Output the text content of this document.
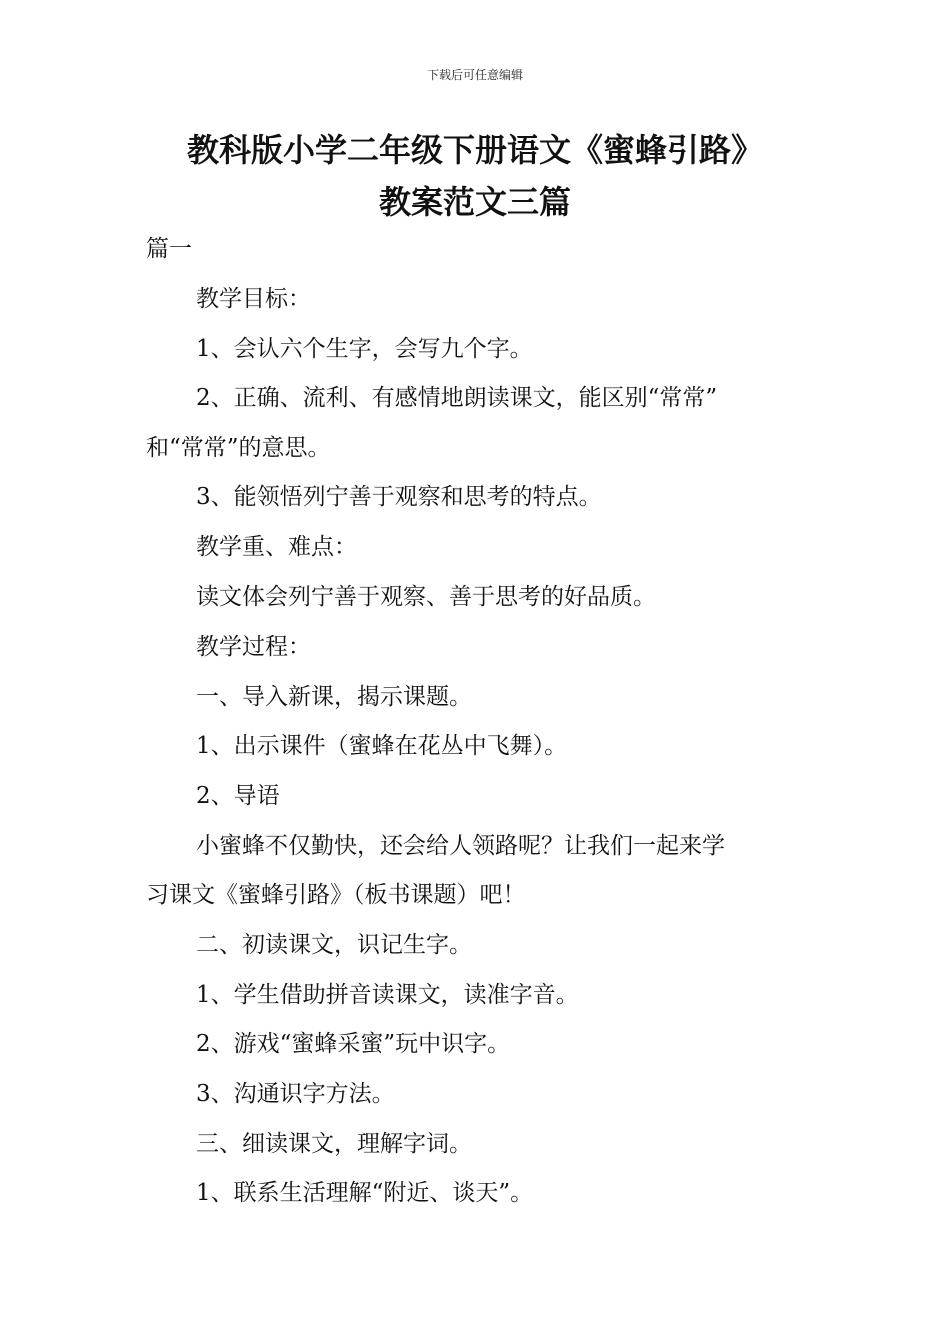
下载后可任意编辑
教科版小学二年级下册语文《蜜蜂引路》
教案范文三篇
篇一
教学目标：
1、会认六个生字，会写九个字。
2、正确、流利、有感情地朗读课文，能区别“常常”
和“常常”的意思。
3、能领悟列宁善于观察和思考的特点。
教学重、难点：
读文体会列宁善于观察、善于思考的好品质。
教学过程：
一、导入新课，揭示课题。
1、出示课件（蜜蜂在花丛中飞舞）。
2、导语
小蜜蜂不仅勤快，还会给人领路呢？让我们一起来学
习课文《蜜蜂引路》（板书课题）吧！
二、初读课文，识记生字。
1、学生借助拼音读课文，读准字音。
2、游戏“蜜蜂采蜜”玩中识字。
3、沟通识字方法。
三、细读课文，理解字词。
1、联系生活理解“附近、谈天”。
